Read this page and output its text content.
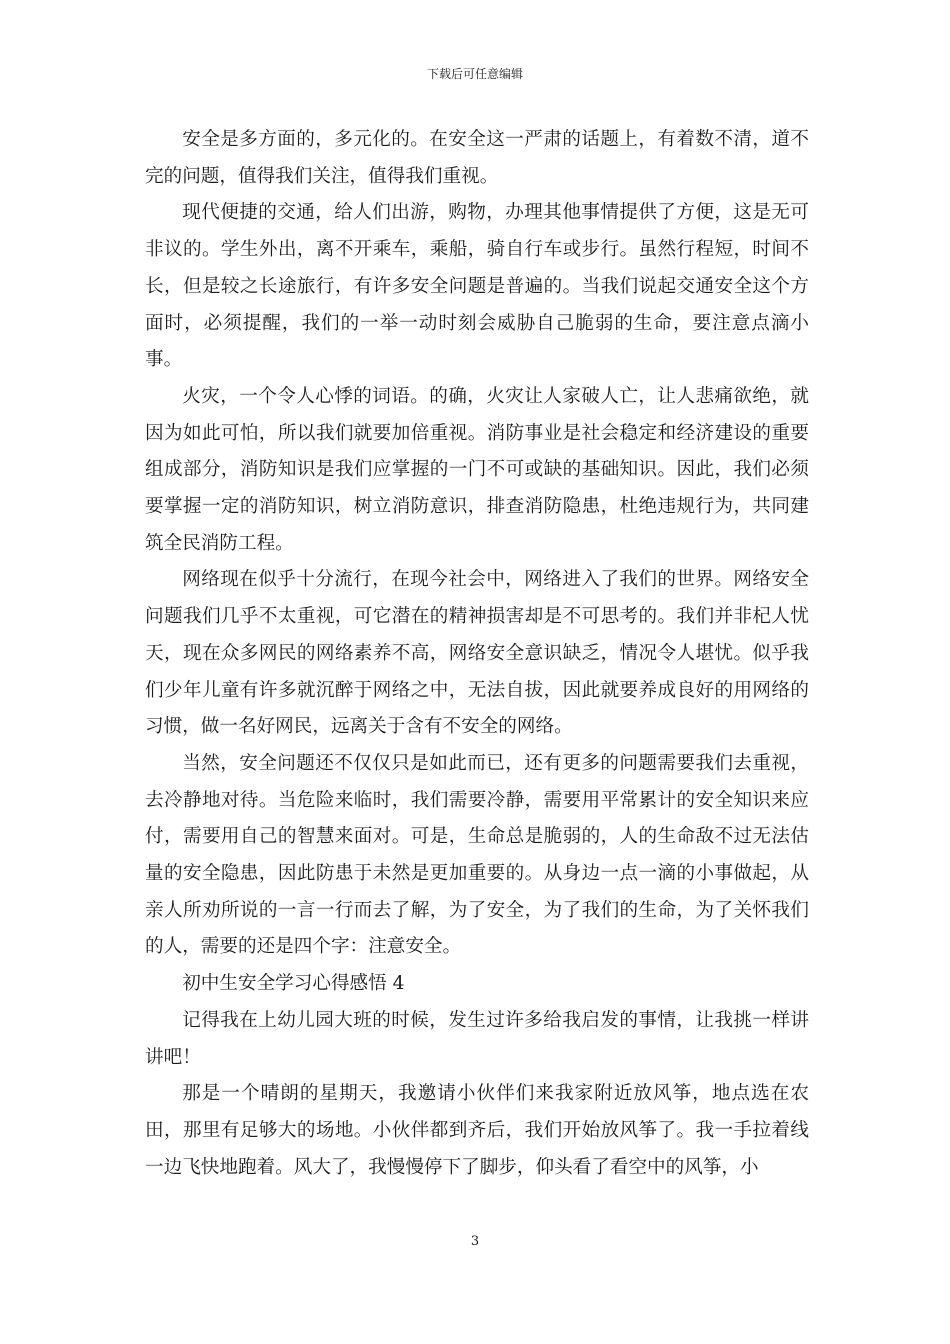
下载后可任意编辑

安全是多方面的，多元化的。在安全这一严肃的话题上，有着数不清，道不完的问题，值得我们关注，值得我们重视。

现代便捷的交通，给人们出游，购物，办理其他事情提供了方便，这是无可非议的。学生外出，离不开乘车，乘船，骑自行车或步行。虽然行程短，时间不长，但是较之长途旅行，有许多安全问题是普遍的。当我们说起交通安全这个方面时，必须提醒，我们的一举一动时刻会威胁自己脆弱的生命，要注意点滴小事。

火灾，一个令人心悸的词语。的确，火灾让人家破人亡，让人悲痛欲绝，就因为如此可怕，所以我们就要加倍重视。消防事业是社会稳定和经济建设的重要组成部分，消防知识是我们应掌握的一门不可或缺的基础知识。因此，我们必须要掌握一定的消防知识，树立消防意识，排查消防隐患，杜绝违规行为，共同建筑全民消防工程。

网络现在似乎十分流行，在现今社会中，网络进入了我们的世界。网络安全问题我们几乎不太重视，可它潜在的精神损害却是不可思考的。我们并非杞人忧天，现在众多网民的网络素养不高，网络安全意识缺乏，情况令人堪忧。似乎我们少年儿童有许多就沉醉于网络之中，无法自拔，因此就要养成良好的用网络的习惯，做一名好网民，远离关于含有不安全的网络。

当然，安全问题还不仅仅只是如此而已，还有更多的问题需要我们去重视，去冷静地对待。当危险来临时，我们需要冷静，需要用平常累计的安全知识来应付，需要用自己的智慧来面对。可是，生命总是脆弱的，人的生命敌不过无法估量的安全隐患，因此防患于未然是更加重要的。从身边一点一滴的小事做起，从亲人所劝所说的一言一行而去了解，为了安全，为了我们的生命，为了关怀我们的人，需要的还是四个字：注意安全。

初中生安全学习心得感悟 4

记得我在上幼儿园大班的时候，发生过许多给我启发的事情，让我挑一样讲讲吧！

那是一个晴朗的星期天，我邀请小伙伴们来我家附近放风筝，地点选在农田，那里有足够大的场地。小伙伴都到齐后，我们开始放风筝了。我一手拉着线一边飞快地跑着。风大了，我慢慢停下了脚步，仰头看了看空中的风筝，小

3
